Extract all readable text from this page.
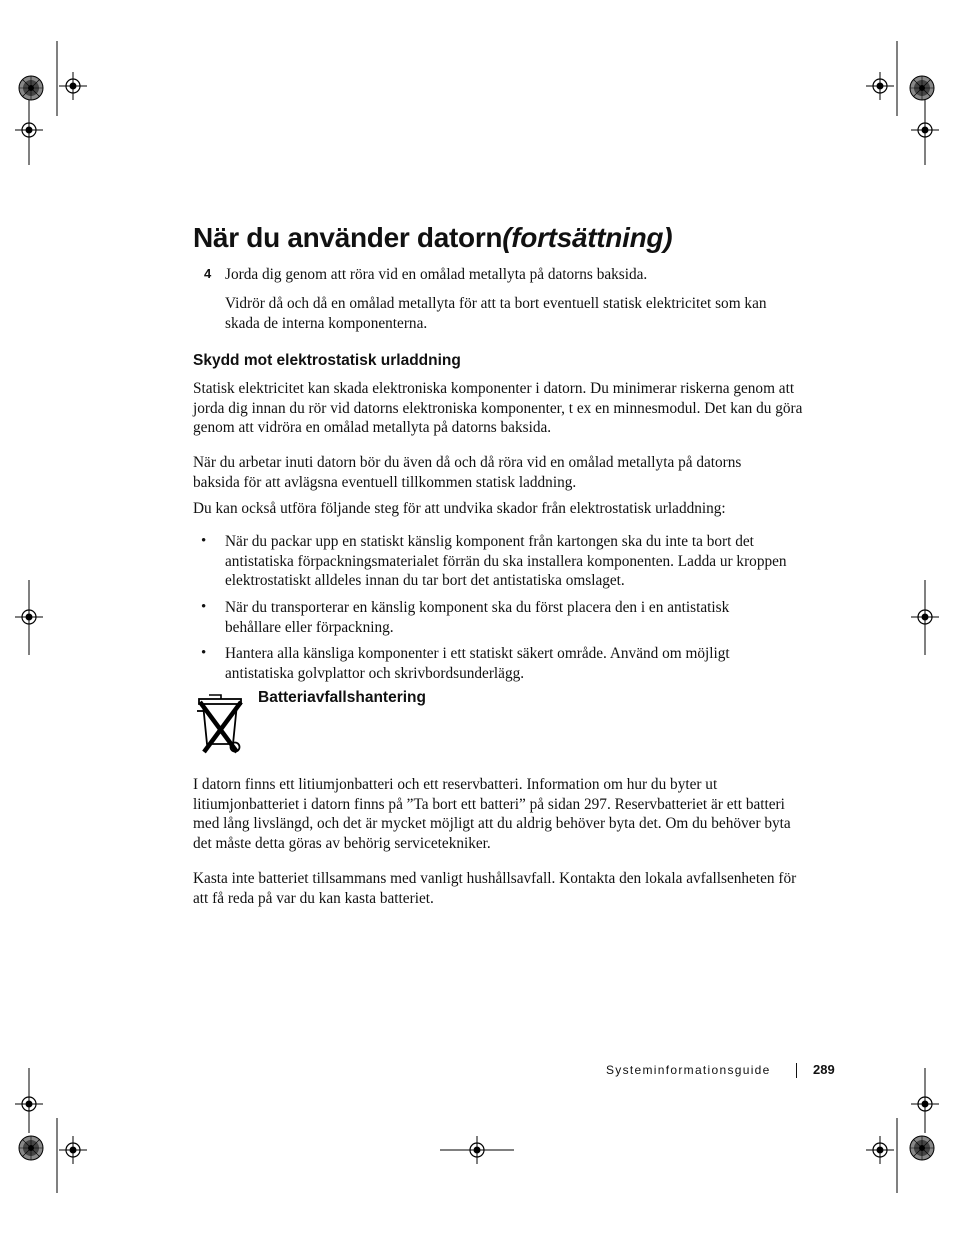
När du använder datorn(fortsättning)
4 Jorda dig genom att röra vid en omålad metallyta på datorns baksida.
Vidrör då och då en omålad metallyta för att ta bort eventuell statisk elektricitet som kan skada de interna komponenterna.
Skydd mot elektrostatisk urladdning
Statisk elektricitet kan skada elektroniska komponenter i datorn. Du minimerar riskerna genom att jorda dig innan du rör vid datorns elektroniska komponenter, t ex en minnesmodul. Det kan du göra genom att vidröra en omålad metallyta på datorns baksida.
När du arbetar inuti datorn bör du även då och då röra vid en omålad metallyta på datorns baksida för att avlägsna eventuell tillkommen statisk laddning.
Du kan också utföra följande steg för att undvika skador från elektrostatisk urladdning:
• När du packar upp en statiskt känslig komponent från kartongen ska du inte ta bort det antistatiska förpackningsmaterialet förrän du ska installera komponenten. Ladda ur kroppen elektrostatiskt alldeles innan du tar bort det antistatiska omslaget.
• När du transporterar en känslig komponent ska du först placera den i en antistatisk behållare eller förpackning.
• Hantera alla känsliga komponenter i ett statiskt säkert område. Använd om möjligt antistatiska golvplattor och skrivbordsunderlägg.
Batteriavfallshantering
I datorn finns ett litiumjonbatteri och ett reservbatteri. Information om hur du byter ut litiumjonbatteriet i datorn finns på ”Ta bort ett batteri” på sidan 297. Reservbatteriet är ett batteri med lång livslängd, och det är mycket möjligt att du aldrig behöver byta det. Om du behöver byta det måste detta göras av behörig servicetekniker.
Kasta inte batteriet tillsammans med vanligt hushållsavfall. Kontakta den lokala avfallsenheten för att få reda på var du kan kasta batteriet.
Systeminformationsguide	289
